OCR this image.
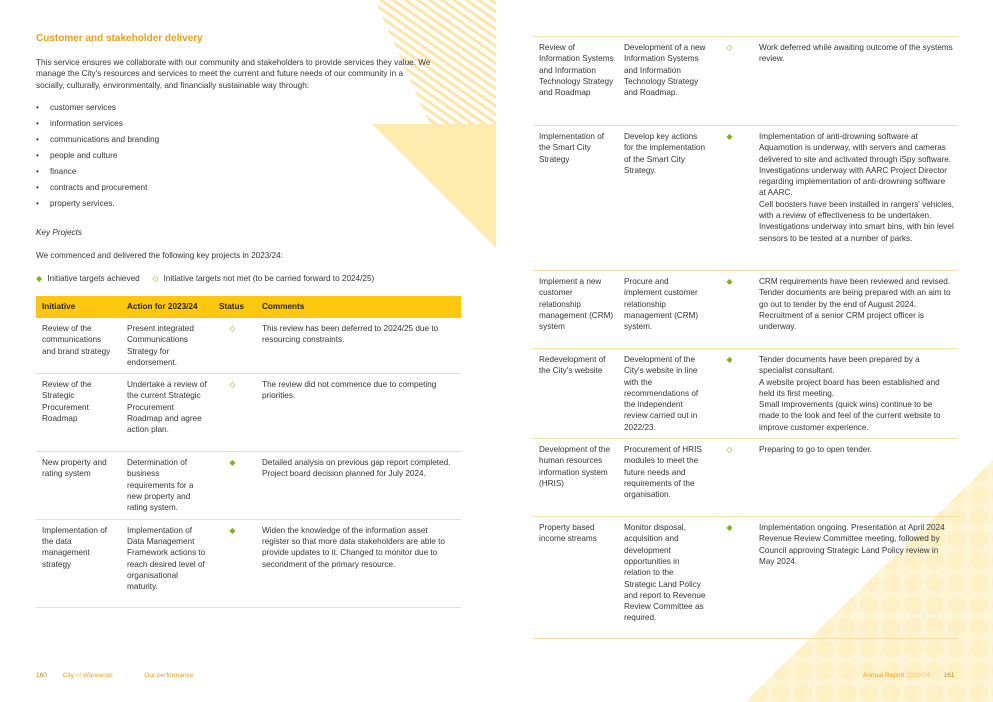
Customer and stakeholder delivery

This service ensures we collaborate with our community and stakeholders to provide services they value. We manage the City's resources and services to meet the current and future needs of our community in a socially, culturally, environmentally, and financially sustainable way through:

• customer services
• information services
• communications and branding
• people and culture
• finance
• contracts and procurement
• property services.

Key Projects

We commenced and delivered the following key projects in 2023/24:

◆ Initiative targets achieved ◇ Initiative targets not met (to be carried forward to 2024/25)

Initiative	Action for 2023/24	Status	Comments
Review of the communications and brand strategy	Present integrated Communications Strategy for endorsement.	◇	This review has been deferred to 2024/25 due to resourcing constraints.
Review of the Strategic Procurement Roadmap	Undertake a review of the current Strategic Procurement Roadmap and agree action plan.	◇	The review did not commence due to competing priorities.
New property and rating system	Determination of business requirements for a new property and rating system.	◆	Detailed analysis on previous gap report completed. Project board decision planned for July 2024.
Implementation of the data management strategy	Implementation of Data Management Framework actions to reach desired level of organisational maturity.	◆	Widen the knowledge of the information asset register so that more data stakeholders are able to provide updates to it. Changed to monitor due to secondment of the primary resource.
160 City of Wanneroo	Our performance
Review of Information Systems and Information Technology Strategy and Roadmap	Development of a new Information Systems and Information Technology Strategy and Roadmap.	◇	Work deferred while awaiting outcome of the systems review.
Implementation of the Smart City Strategy	Develop key actions for the implementation of the Smart City Strategy.	◆	Implementation of anti-drowning software at Aquamotion is underway, with servers and cameras delivered to site and activated through iSpy software.
Investigations underway with AARC Project Director regarding implementation of anti-drowning software at AARC.
Cell boosters have been installed in rangers' vehicles, with a review of effectiveness to be undertaken.
Investigations underway into smart bins, with bin level sensors to be tested at a number of parks.
Implement a new customer relationship management (CRM) system	Procure and implement customer relationship management (CRM) system.	◆	CRM requirements have been reviewed and revised.
Tender documents are being prepared with an aim to go out to tender by the end of August 2024.
Recruitment of a senior CRM project officer is underway.
Redevelopment of the City's website	Development of the City's website in line with the recommendations of the independent review carried out in 2022/23.	◆	Tender documents have been prepared by a specialist consultant.
A website project board has been established and held its first meeting.
Small improvements (quick wins) continue to be made to the look and feel of the current website to improve customer experience.
Development of the human resources information system (HRIS)	Procurement of HRIS modules to meet the future needs and requirements of the organisation.	◇	Preparing to go to open tender.
Property based income streams	Monitor disposal, acquisition and development opportunities in relation to the Strategic Land Policy and report to Revenue Review Committee as required.	◆	Implementation ongoing. Presentation at April 2024 Revenue Review Committee meeting, followed by Council approving Strategic Land Policy review in May 2024.
Annual Report 2023/24 161
